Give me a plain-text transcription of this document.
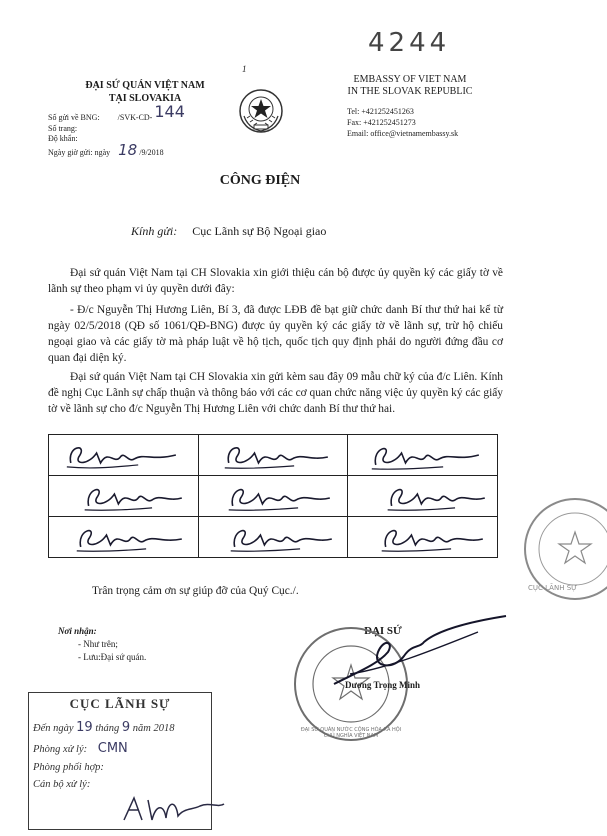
4244
ĐẠI SỨ QUÁN VIỆT NAM
TẠI SLOVAKIA
Số gửi về BNG: /SVK-CD- 144
Số trang:
Độ khẩn:
Ngày giờ gửi: ngày 18 /9/2018
1
EMBASSY OF VIET NAM
IN THE SLOVAK REPUBLIC
Tel: +421252451263
Fax: +421252451273
Email: office@vietnamembassy.sk
CÔNG ĐIỆN
Kính gửi: Cục Lãnh sự Bộ Ngoại giao
Đại sứ quán Việt Nam tại CH Slovakia xin giới thiệu cán bộ được ủy quyền ký các giấy tờ về lãnh sự theo phạm vi ủy quyền dưới đây:
- Đ/c Nguyễn Thị Hương Liên, Bí 3, đã được LĐB đề bạt giữ chức danh Bí thư thứ hai kể từ ngày 02/5/2018 (QĐ số 1061/QĐ-BNG) được ủy quyền ký các giấy tờ về lãnh sự, trừ hộ chiếu ngoại giao và các giấy tờ mà pháp luật về hộ tịch, quốc tịch quy định phải do người đứng đầu cơ quan đại diện ký.
Đại sứ quán Việt Nam tại CH Slovakia xin gửi kèm sau đây 09 mẫu chữ ký của đ/c Liên. Kính đề nghị Cục Lãnh sự chấp thuận và thông báo với các cơ quan chức năng việc ủy quyền ký các giấy tờ về lãnh sự cho đ/c Nguyễn Thị Hương Liên với chức danh Bí thư thứ hai.

CỤC LÃNH SỰ
Trân trọng cảm ơn sự giúp đỡ của Quý Cục./.
Nơi nhận:
- Như trên;
- Lưu:Đại sứ quán.
ĐẠI SỨ
ĐẠI SỨ QUÁN NƯỚC CỘNG HÒA XÃ HỘI CHỦ NGHĨA VIỆT NAM
Dương Trọng Minh
CỤC LÃNH SỰ
Đến ngày 19 tháng 9 năm 2018
Phòng xử lý: CMN
Phòng phối hợp:
Cán bộ xử lý:
